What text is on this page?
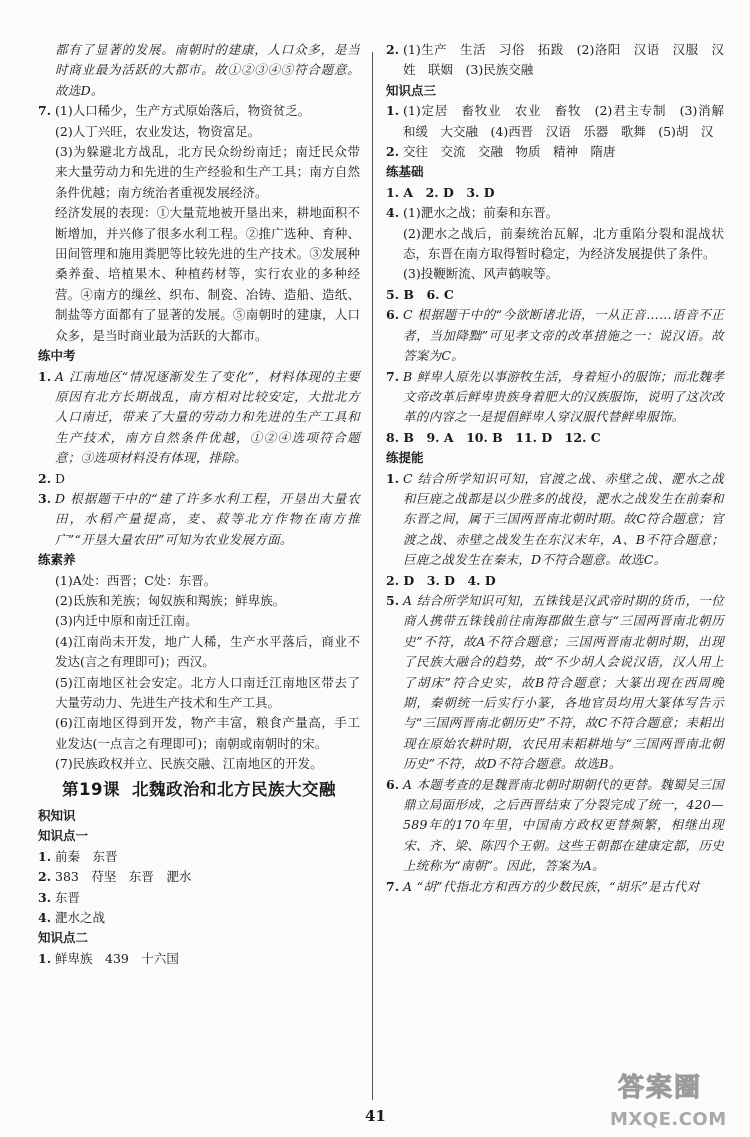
都有了显著的发展。南朝时的建康，人口众多，是当时商业最为活跃的大都市。故①②③④⑤符合题意。故选D。

7. (1)人口稀少，生产方式原始落后，物资贫乏。

(2)人丁兴旺，农业发达，物资富足。

(3)为躲避北方战乱，北方民众纷纷南迁；南迁民众带来大量劳动力和先进的生产经验和生产工具；南方自然条件优越；南方统治者重视发展经济。

经济发展的表现：①大量荒地被开垦出来，耕地面积不断增加，并兴修了很多水利工程。②推广选种、育种、田间管理和施用粪肥等比较先进的生产技术。③发展种桑养蚕、培植果木、种植药材等，实行农业的多种经营。④南方的缫丝、织布、制瓷、冶铸、造船、造纸、制盐等方面都有了显著的发展。⑤南朝时的建康，人口众多，是当时商业最为活跃的大都市。

练中考

1. A 江南地区“情况逐渐发生了变化”，材料体现的主要原因有北方长期战乱，南方相对比较安定，大批北方人口南迁，带来了大量的劳动力和先进的生产工具和生产技术，南方自然条件优越，①②④选项符合题意；③选项材料没有体现，排除。

2. D

3. D 根据题干中的“建了许多水利工程，开垦出大量农田，水稻产量提高，麦、菽等北方作物在南方推广”“开垦大量农田”可知为农业发展方面。

练素养

(1)A处：西晋；C处：东晋。

(2)氐族和羌族；匈奴族和羯族；鲜卑族。

(3)内迁中原和南迁江南。

(4)江南尚未开发，地广人稀，生产水平落后，商业不发达(言之有理即可)；西汉。

(5)江南地区社会安定。北方人口南迁江南地区带去了大量劳动力、先进生产技术和生产工具。

(6)江南地区得到开发，物产丰富，粮食产量高，手工业发达(一点言之有理即可)；南朝或南朝时的宋。

(7)民族政权并立、民族交融、江南地区的开发。

第19课 北魏政治和北方民族大交融

积知识

知识点一

1. 前秦　东晋

2. 383　苻坚　东晋　淝水

3. 东晋

4. 淝水之战

知识点二

1. 鲜卑族　439　十六国

2. (1)生产　生活　习俗　拓跋　(2)洛阳　汉语　汉服　汉姓　联姻　(3)民族交融

知识点三

1. (1)定居　畜牧业　农业　畜牧　(2)君主专制　(3)消解　和缓　大交融　(4)西晋　汉语　乐器　歌舞　(5)胡　汉

2. 交往　交流　交融　物质　精神　隋唐

练基础

1. A　2. D　3. D

4. (1)淝水之战；前秦和东晋。

(2)淝水之战后，前秦统治瓦解，北方重陷分裂和混战状态，东晋在南方取得暂时稳定，为经济发展提供了条件。

(3)投鞭断流、风声鹤唳等。

5. B　6. C

6. C 根据题干中的“今欲断诸北语，一从正音……语音不正者，当加降黜”可见孝文帝的改革措施之一：说汉语。故答案为C。

7. B 鲜卑人原先以事游牧生活，身着短小的服饰；而北魏孝文帝改革后鲜卑贵族身着肥大的汉族服饰，说明了这次改革的内容之一是提倡鲜卑人穿汉服代替鲜卑服饰。

8. B　9. A　10. B　11. D　12. C

练提能

1. C 结合所学知识可知，官渡之战、赤壁之战、淝水之战和巨鹿之战都是以少胜多的战役，淝水之战发生在前秦和东晋之间，属于三国两晋南北朝时期。故C符合题意；官渡之战、赤壁之战发生在东汉末年，A、B不符合题意；巨鹿之战发生在秦末，D不符合题意。故选C。

2. D　3. D　4. D

5. A 结合所学知识可知，五铢钱是汉武帝时期的货币，一位商人携带五铢钱前往南海郡做生意与“三国两晋南北朝历史”不符，故A不符合题意；三国两晋南北朝时期，出现了民族大融合的趋势，故“不少胡人会说汉语，汉人用上了胡床”符合史实，故B符合题意；大篆出现在西周晚期，秦朝统一后实行小篆，各地官员均用大篆体写告示与“三国两晋南北朝历史”不符，故C不符合题意；耒耜出现在原始农耕时期，农民用耒耜耕地与“三国两晋南北朝历史”不符，故D不符合题意。故选B。

6. A 本题考查的是魏晋南北朝时期朝代的更替。魏蜀吴三国鼎立局面形成，之后西晋结束了分裂完成了统一，420—589年的170年里，中国南方政权更替频繁，相继出现宋、齐、梁、陈四个王朝。这些王朝都在建康定都，历史上统称为“南朝”。因此，答案为A。

7. A “胡”代指北方和西方的少数民族，“胡乐”是古代对

41
答案圈
MXQE.COM
